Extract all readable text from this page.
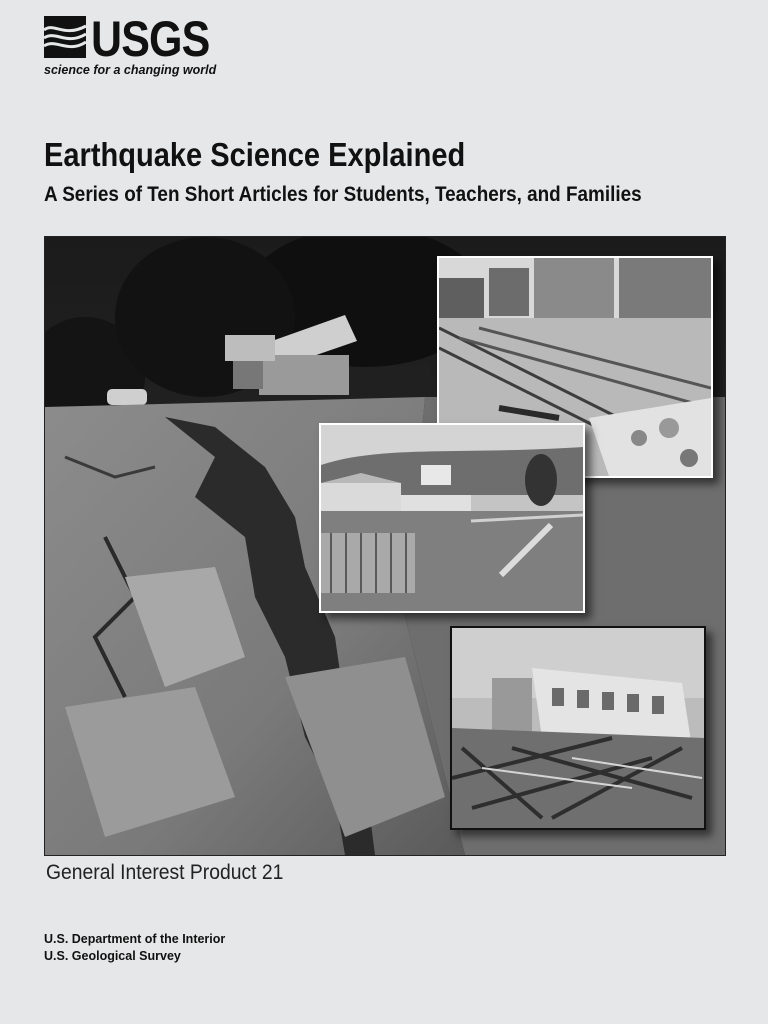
USGS
science for a changing world
Earthquake Science Explained
A Series of Ten Short Articles for Students, Teachers, and Families
General Interest Product 21
U.S. Department of the Interior
U.S. Geological Survey
